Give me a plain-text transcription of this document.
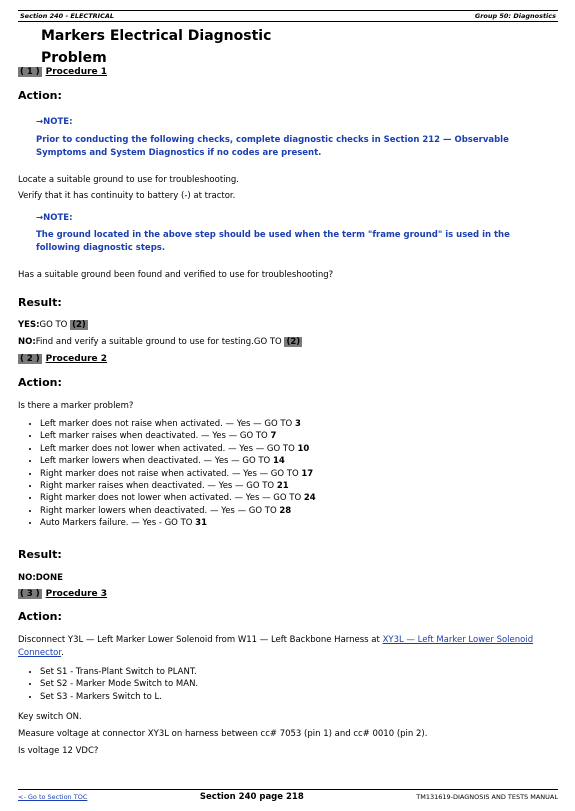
Section 240 - ELECTRICAL	Group 50: Diagnostics
Markers Electrical Diagnostic Problem
( 1 ) Procedure 1
Action:
→NOTE:
Prior to conducting the following checks, complete diagnostic checks in Section 212 — Observable Symptoms and System Diagnostics if no codes are present.
Locate a suitable ground to use for troubleshooting.
Verify that it has continuity to battery (-) at tractor.
→NOTE:
The ground located in the above step should be used when the term "frame ground" is used in the following diagnostic steps.
Has a suitable ground been found and verified to use for troubleshooting?
Result:
YES:GO TO (2)
NO:Find and verify a suitable ground to use for testing.GO TO (2)
( 2 ) Procedure 2
Action:
Is there a marker problem?
• Left marker does not raise when activated. — Yes — GO TO 3
• Left marker raises when deactivated. — Yes — GO TO 7
• Left marker does not lower when activated. — Yes — GO TO 10
• Left marker lowers when deactivated. — Yes — GO TO 14
• Right marker does not raise when activated. — Yes — GO TO 17
• Right marker raises when deactivated. — Yes — GO TO 21
• Right marker does not lower when activated. — Yes — GO TO 24
• Right marker lowers when deactivated. — Yes — GO TO 28
• Auto Markers failure. — Yes - GO TO 31
Result:
NO:DONE
( 3 ) Procedure 3
Action:
Disconnect Y3L — Left Marker Lower Solenoid from W11 — Left Backbone Harness at XY3L — Left Marker Lower Solenoid Connector.
• Set S1 - Trans-Plant Switch to PLANT.
• Set S2 - Marker Mode Switch to MAN.
• Set S3 - Markers Switch to L.
Key switch ON.
Measure voltage at connector XY3L on harness between cc# 7053 (pin 1) and cc# 0010 (pin 2).
Is voltage 12 VDC?
<- Go to Section TOC	Section 240 page 218	TM131619-DIAGNOSIS AND TESTS MANUAL
